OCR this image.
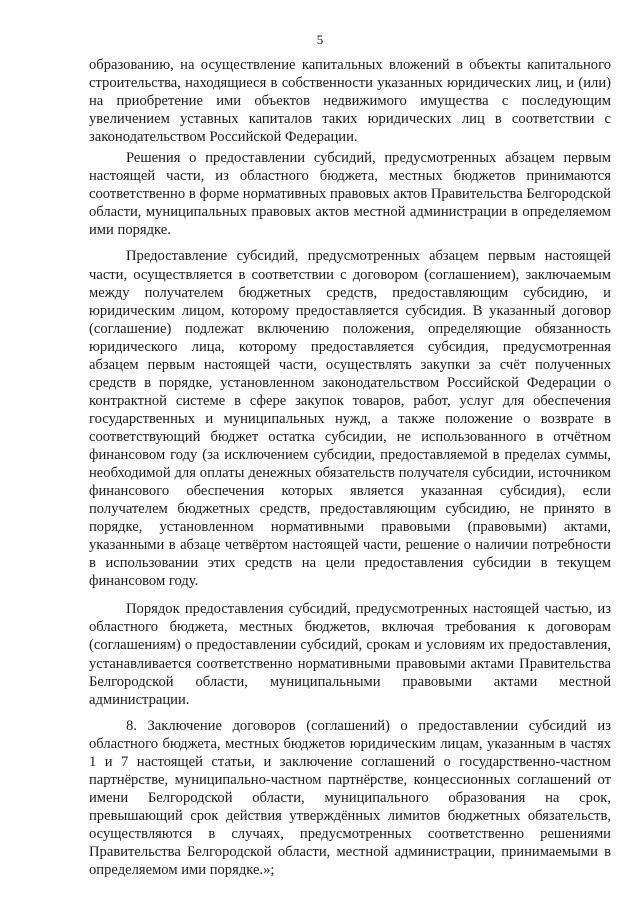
5

образованию, на осуществление капитальных вложений в объекты капитального строительства, находящиеся в собственности указанных юридических лиц, и (или) на приобретение ими объектов недвижимого имущества с последующим увеличением уставных капиталов таких юридических лиц в соответствии с законодательством Российской Федерации.

Решения о предоставлении субсидий, предусмотренных абзацем первым настоящей части, из областного бюджета, местных бюджетов принимаются соответственно в форме нормативных правовых актов Правительства Белгородской области, муниципальных правовых актов местной администрации в определяемом ими порядке.

Предоставление субсидий, предусмотренных абзацем первым настоящей части, осуществляется в соответствии с договором (соглашением), заключаемым между получателем бюджетных средств, предоставляющим субсидию, и юридическим лицом, которому предоставляется субсидия. В указанный договор (соглашение) подлежат включению положения, определяющие обязанность юридического лица, которому предоставляется субсидия, предусмотренная абзацем первым настоящей части, осуществлять закупки за счёт полученных средств в порядке, установленном законодательством Российской Федерации о контрактной системе в сфере закупок товаров, работ, услуг для обеспечения государственных и муниципальных нужд, а также положение о возврате в соответствующий бюджет остатка субсидии, не использованного в отчётном финансовом году (за исключением субсидии, предоставляемой в пределах суммы, необходимой для оплаты денежных обязательств получателя субсидии, источником финансового обеспечения которых является указанная субсидия), если получателем бюджетных средств, предоставляющим субсидию, не принято в порядке, установленном нормативными правовыми (правовыми) актами, указанными в абзаце четвёртом настоящей части, решение о наличии потребности в использовании этих средств на цели предоставления субсидии в текущем финансовом году.

Порядок предоставления субсидий, предусмотренных настоящей частью, из областного бюджета, местных бюджетов, включая требования к договорам (соглашениям) о предоставлении субсидий, срокам и условиям их предоставления, устанавливается соответственно нормативными правовыми актами Правительства Белгородской области, муниципальными правовыми актами местной администрации.

8. Заключение договоров (соглашений) о предоставлении субсидий из областного бюджета, местных бюджетов юридическим лицам, указанным в частях 1 и 7 настоящей статьи, и заключение соглашений о государственно-частном партнёрстве, муниципально-частном партнёрстве, концессионных соглашений от имени Белгородской области, муниципального образования на срок, превышающий срок действия утверждённых лимитов бюджетных обязательств, осуществляются в случаях, предусмотренных соответственно решениями Правительства Белгородской области, местной администрации, принимаемыми в определяемом ими порядке.»;
